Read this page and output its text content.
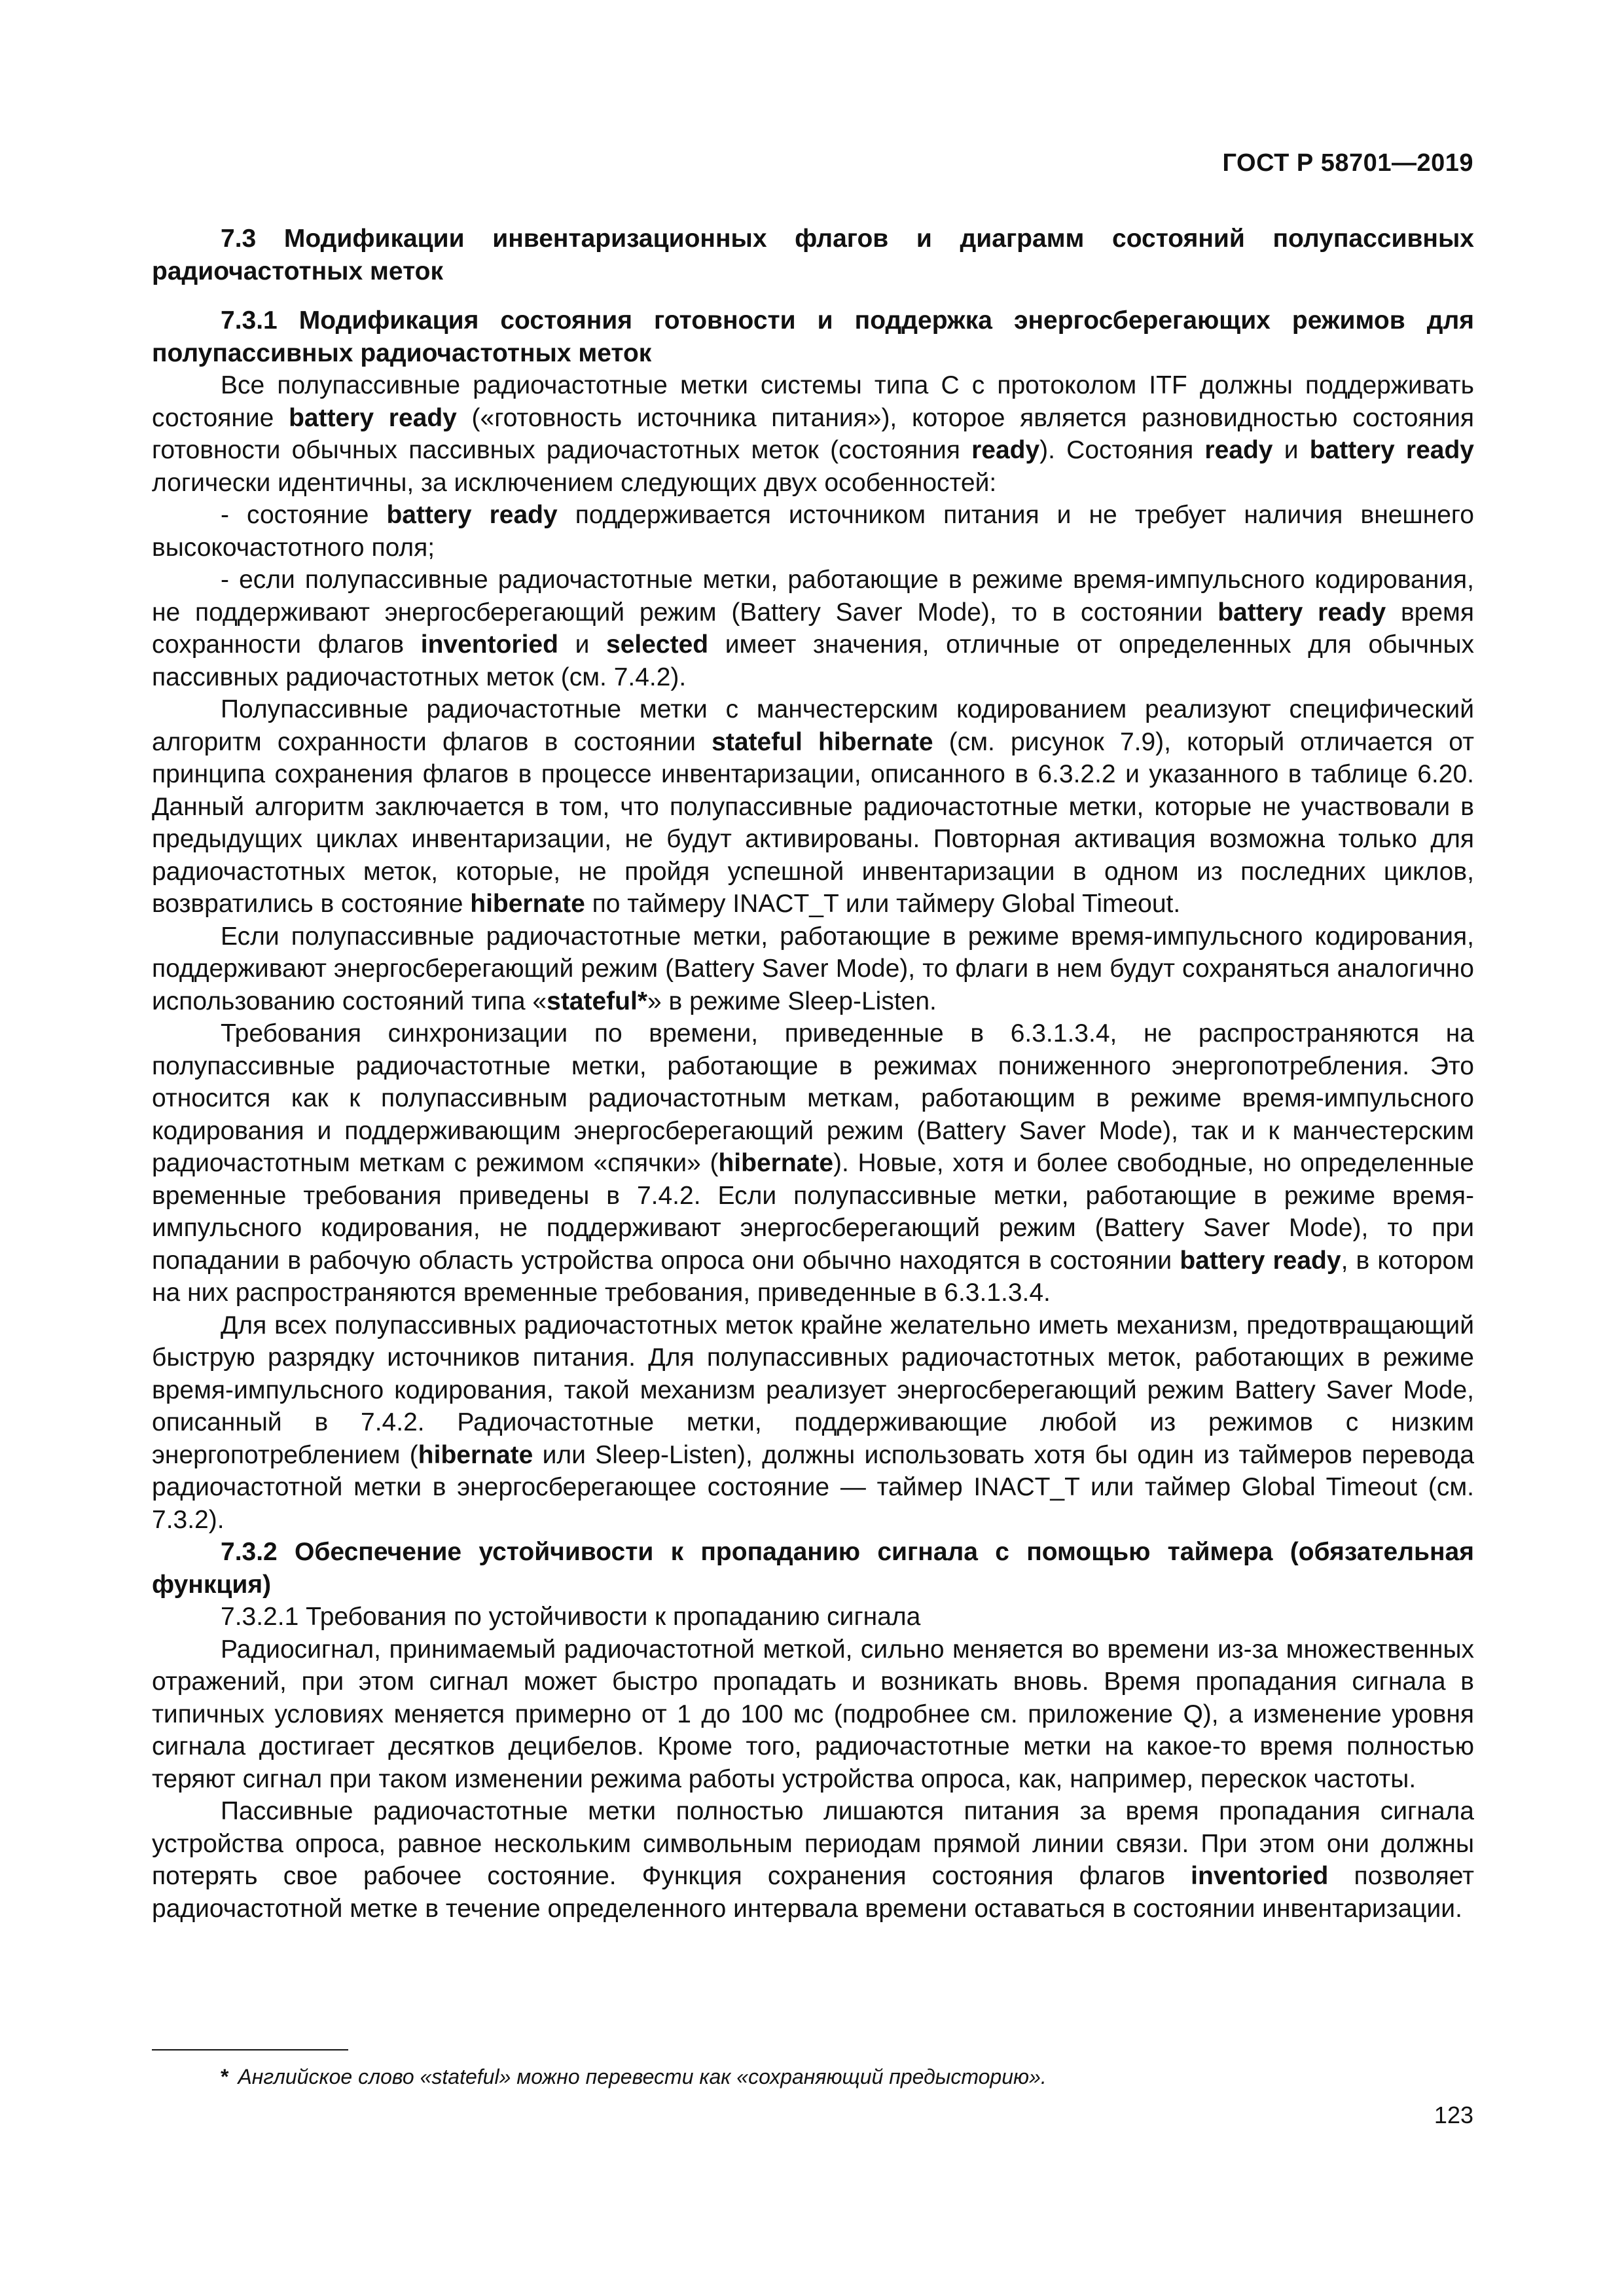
ГОСТ Р 58701—2019

7.3 Модификации инвентаризационных флагов и диаграмм состояний полупассивных радиочастотных меток

7.3.1 Модификация состояния готовности и поддержка энергосберегающих режимов для полупассивных радиочастотных меток

Все полупассивные радиочастотные метки системы типа С с протоколом ITF должны поддерживать состояние battery ready («готовность источника питания»), которое является разновидностью состояния готовности обычных пассивных радиочастотных меток (состояния ready). Состояния ready и battery ready логически идентичны, за исключением следующих двух особенностей:

- состояние battery ready поддерживается источником питания и не требует наличия внешнего высокочастотного поля;

- если полупассивные радиочастотные метки, работающие в режиме время-импульсного кодирования, не поддерживают энергосберегающий режим (Battery Saver Mode), то в состоянии battery ready время сохранности флагов inventoried и selected имеет значения, отличные от определенных для обычных пассивных радиочастотных меток (см. 7.4.2).

Полупассивные радиочастотные метки с манчестерским кодированием реализуют специфический алгоритм сохранности флагов в состоянии stateful hibernate (см. рисунок 7.9), который отличается от принципа сохранения флагов в процессе инвентаризации, описанного в 6.3.2.2 и указанного в таблице 6.20. Данный алгоритм заключается в том, что полупассивные радиочастотные метки, которые не участвовали в предыдущих циклах инвентаризации, не будут активированы. Повторная активация возможна только для радиочастотных меток, которые, не пройдя успешной инвентаризации в одном из последних циклов, возвратились в состояние hibernate по таймеру INACT_T или таймеру Global Timeout.

Если полупассивные радиочастотные метки, работающие в режиме время-импульсного кодирования, поддерживают энергосберегающий режим (Battery Saver Mode), то флаги в нем будут сохраняться аналогично использованию состояний типа «stateful*» в режиме Sleep-Listen.

Требования синхронизации по времени, приведенные в 6.3.1.3.4, не распространяются на полупассивные радиочастотные метки, работающие в режимах пониженного энергопотребления. Это относится как к полупассивным радиочастотным меткам, работающим в режиме время-импульсного кодирования и поддерживающим энергосберегающий режим (Battery Saver Mode), так и к манчестерским радиочастотным меткам с режимом «спячки» (hibernate). Новые, хотя и более свободные, но определенные временные требования приведены в 7.4.2. Если полупассивные метки, работающие в режиме время-импульсного кодирования, не поддерживают энергосберегающий режим (Battery Saver Mode), то при попадании в рабочую область устройства опроса они обычно находятся в состоянии battery ready, в котором на них распространяются временные требования, приведенные в 6.3.1.3.4.

Для всех полупассивных радиочастотных меток крайне желательно иметь механизм, предотвращающий быструю разрядку источников питания. Для полупассивных радиочастотных меток, работающих в режиме время-импульсного кодирования, такой механизм реализует энергосберегающий режим Battery Saver Mode, описанный в 7.4.2. Радиочастотные метки, поддерживающие любой из режимов с низким энергопотреблением (hibernate или Sleep-Listen), должны использовать хотя бы один из таймеров перевода радиочастотной метки в энергосберегающее состояние — таймер INACT_T или таймер Global Timeout (см. 7.3.2).

7.3.2 Обеспечение устойчивости к пропаданию сигнала с помощью таймера (обязательная функция)

7.3.2.1 Требования по устойчивости к пропаданию сигнала

Радиосигнал, принимаемый радиочастотной меткой, сильно меняется во времени из-за множественных отражений, при этом сигнал может быстро пропадать и возникать вновь. Время пропадания сигнала в типичных условиях меняется примерно от 1 до 100 мс (подробнее см. приложение Q), а изменение уровня сигнала достигает десятков децибелов. Кроме того, радиочастотные метки на какое-то время полностью теряют сигнал при таком изменении режима работы устройства опроса, как, например, перескок частоты.

Пассивные радиочастотные метки полностью лишаются питания за время пропадания сигнала устройства опроса, равное нескольким символьным периодам прямой линии связи. При этом они должны потерять свое рабочее состояние. Функция сохранения состояния флагов inventoried позволяет радиочастотной метке в течение определенного интервала времени оставаться в состоянии инвентаризации.

* Английское слово «stateful» можно перевести как «сохраняющий предысторию».
123
